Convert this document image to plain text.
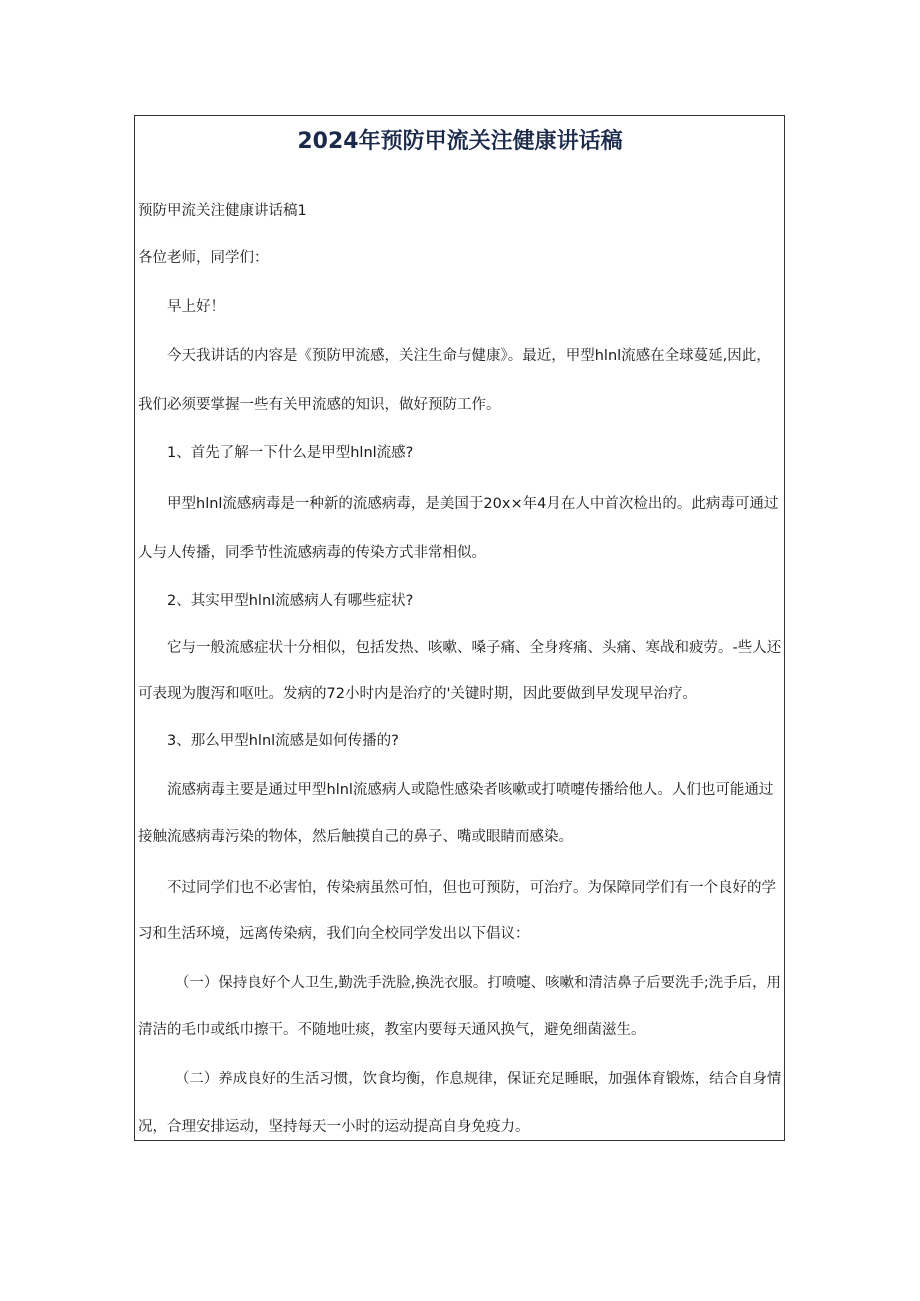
2024年预防甲流关注健康讲话稿
预防甲流关注健康讲话稿1
各位老师，同学们：
早上好！
今天我讲话的内容是《预防甲流感，关注生命与健康》。最近，甲型hlnl流感在全球蔓延,因此，
我们必须要掌握一些有关甲流感的知识，做好预防工作。
1、首先了解一下什么是甲型hlnl流感?
甲型hlnl流感病毒是一种新的流感病毒，是美国于20x×年4月在人中首次检出的。此病毒可通过
人与人传播，同季节性流感病毒的传染方式非常相似。
2、其实甲型hlnl流感病人有哪些症状?
它与一般流感症状十分相似，包括发热、咳嗽、嗓子痛、全身疼痛、头痛、寒战和疲劳。-些人还
可表现为腹泻和呕吐。发病的72小时内是治疗的'关键时期，因此要做到早发现早治疗。
3、那么甲型hlnl流感是如何传播的?
流感病毒主要是通过甲型hlnl流感病人或隐性感染者咳嗽或打喷嚏传播给他人。人们也可能通过
接触流感病毒污染的物体，然后触摸自己的鼻子、嘴或眼睛而感染。
不过同学们也不必害怕，传染病虽然可怕，但也可预防，可治疗。为保障同学们有一个良好的学
习和生活环境，远离传染病，我们向全校同学发出以下倡议：
（一）保持良好个人卫生,勤洗手洗脸,换洗衣服。打喷嚏、咳嗽和清洁鼻子后要洗手;洗手后，用
清洁的毛巾或纸巾擦干。不随地吐痰，教室内要每天通风换气，避免细菌滋生。
（二）养成良好的生活习惯，饮食均衡，作息规律，保证充足睡眠，加强体育锻炼，结合自身情
况，合理安排运动，坚持每天一小时的运动提高自身免疫力。
